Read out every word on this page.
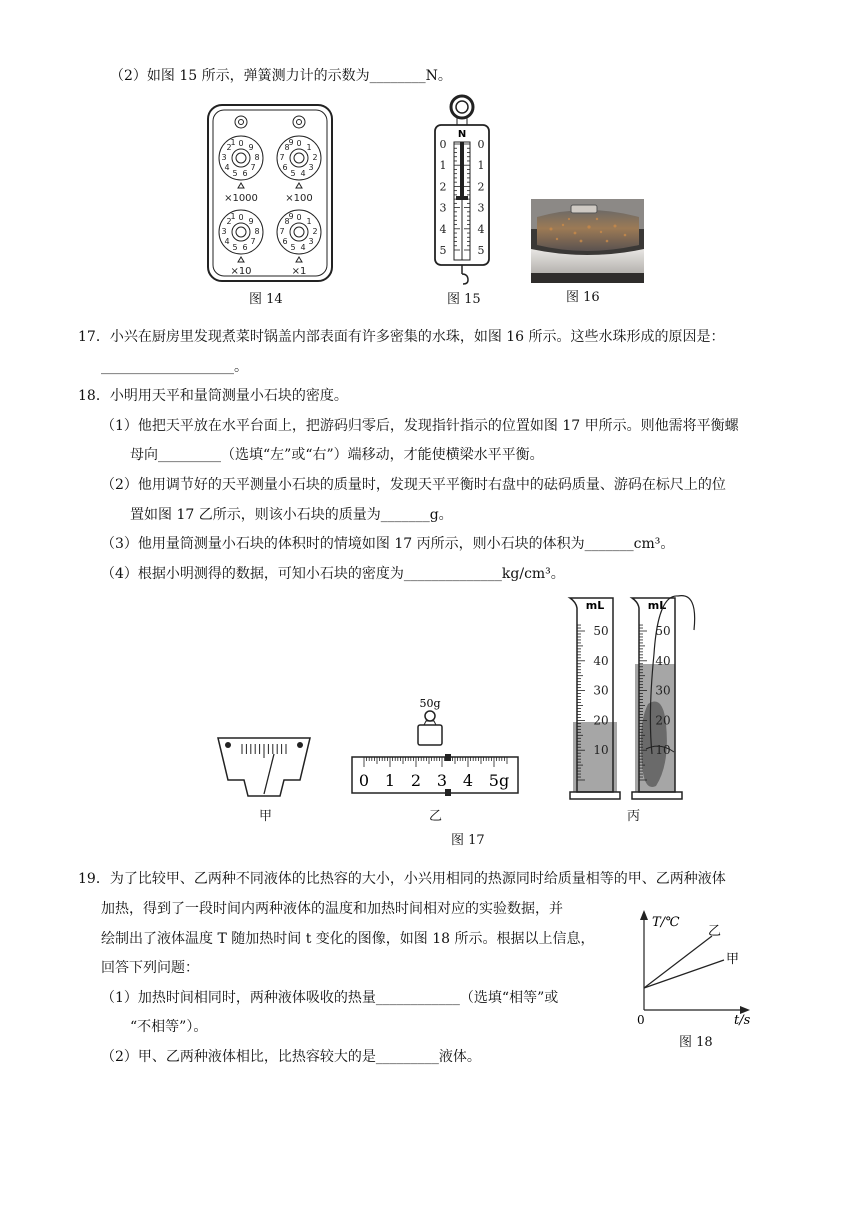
（2）如图 15 所示，弹簧测力计的示数为________N。
0 9
8
7
6
5
4
3
2
1	0 1
2
3
4
5
6
7
8
9
0 9
8
7
6
5
4
3
2
1	0 1
2
3
4
5
6
7
8
9
×1000	×100
×10	×1
图 14
N
0	0
1	1
2	2
3	3
4	4
5	5
图 15	图 16
17．小兴在厨房里发现煮菜时锅盖内部表面有许多密集的水珠，如图 16 所示。这些水珠形成的原因是：
___________________。
18．小明用天平和量筒测量小石块的密度。
（1）他把天平放在水平台面上，把游码归零后，发现指针指示的位置如图 17 甲所示。则他需将平衡螺
母向_________（选填“左”或“右”）端移动，才能使横梁水平平衡。
（2）他用调节好的天平测量小石块的质量时，发现天平平衡时右盘中的砝码质量、游码在标尺上的位
置如图 17 乙所示，则该小石块的质量为_______g。
（3）他用量筒测量小石块的体积时的情境如图 17 丙所示，则小石块的体积为_______cm³。
（4）根据小明测得的数据，可知小石块的密度为______________kg/cm³。
甲
50g
0 1 2 3 4 5g
乙
mL
50
40
30
20
10
mL
50
40
30
20
10
丙
图 17
19．为了比较甲、乙两种不同液体的比热容的大小，小兴用相同的热源同时给质量相等的甲、乙两种液体
加热，得到了一段时间内两种液体的温度和加热时间相对应的实验数据，并
绘制出了液体温度 T 随加热时间 t 变化的图像，如图 18 所示。根据以上信息，
回答下列问题：
（1）加热时间相同时，两种液体吸收的热量____________（选填“相等”或
“不相等”）。
（2）甲、乙两种液体相比，比热容较大的是_________液体。
T/℃
t/s
0
乙
甲
图 18
